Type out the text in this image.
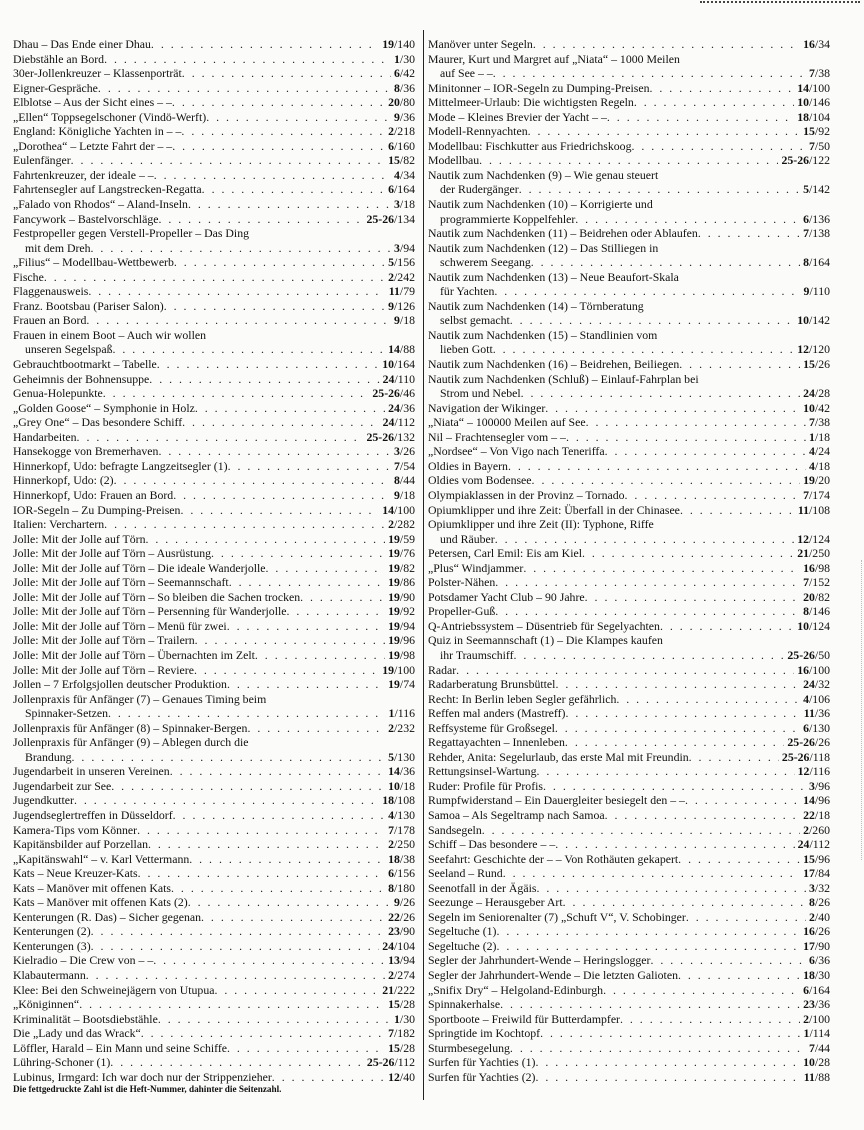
Dhau – Das Ende einer Dhau . . .	19/140
Diebstähle an Bord . . .	1/30
30er-Jollenkreuzer – Klassenporträt . . .	6/42
Eigner-Gespräche . . .	8/36
Elblotse – Aus der Sicht eines – – . . .	20/80
„Ellen“ Toppsegelschoner (Vindö-Werft) . . .	9/36
England: Königliche Yachten in – – . . .	2/218
„Dorothea“ – Letzte Fahrt der – – . . .	6/160
Eulenfänger . . .	15/82
Fahrtenkreuzer, der ideale – – . . .	4/34
Fahrtensegler auf Langstrecken-Regatta . . .	6/164
„Falado von Rhodos“ – Aland-Inseln . . .	3/18
Fancywork – Bastelvorschläge . . .	25-26/134
Festpropeller gegen Verstell-Propeller – Das Ding
mit dem Dreh . . .	3/94
„Filius“ – Modellbau-Wettbewerb . . .	5/156
Fische . . .	2/242
Flaggenausweis . . .	11/79
Franz. Bootsbau (Pariser Salon) . . .	9/126
Frauen an Bord . . .	9/18
Frauen in einem Boot – Auch wir wollen
unseren Segelspaß . . .	14/88
Gebrauchtbootmarkt – Tabelle . . .	10/164
Geheimnis der Bohnensuppe . . .	24/110
Genua-Holepunkte . . .	25-26/46
„Golden Goose“ – Symphonie in Holz . . .	24/36
„Grey One“ – Das besondere Schiff . . .	24/112
Handarbeiten . . .	25-26/132
Hansekogge von Bremerhaven . . .	3/26
Hinnerkopf, Udo: befragte Langzeitsegler (1) . . .	7/54
Hinnerkopf, Udo: (2) . . .	8/44
Hinnerkopf, Udo: Frauen an Bord . . .	9/18
IOR-Segeln – Zu Dumping-Preisen . . .	14/100
Italien: Verchartern . . .	2/282
Jolle: Mit der Jolle auf Törn . . .	19/59
Jolle: Mit der Jolle auf Törn – Ausrüstung . . .	19/76
Jolle: Mit der Jolle auf Törn – Die ideale Wanderjolle . . .	19/82
Jolle: Mit der Jolle auf Törn – Seemannschaft . . .	19/86
Jolle: Mit der Jolle auf Törn – So bleiben die Sachen trocken . . .	19/90
Jolle: Mit der Jolle auf Törn – Persenning für Wanderjolle . . .	19/92
Jolle: Mit der Jolle auf Törn – Menü für zwei . . .	19/94
Jolle: Mit der Jolle auf Törn – Trailern . . .	19/96
Jolle: Mit der Jolle auf Törn – Übernachten im Zelt . . .	19/98
Jolle: Mit der Jolle auf Törn – Reviere . . .	19/100
Jollen – 7 Erfolgsjollen deutscher Produktion . . .	19/74
Jollenpraxis für Anfänger (7) – Genaues Timing beim
Spinnaker-Setzen . . .	1/116
Jollenpraxis für Anfänger (8) – Spinnaker-Bergen . . .	2/232
Jollenpraxis für Anfänger (9) – Ablegen durch die
Brandung . . .	5/130
Jugendarbeit in unseren Vereinen . . .	14/36
Jugendarbeit zur See . . .	10/18
Jugendkutter . . .	18/108
Jugendseglertreffen in Düsseldorf . . .	4/130
Kamera-Tips vom Könner . . .	7/178
Kapitänsbilder auf Porzellan . . .	2/250
„Kapitänswahl“ – v. Karl Vettermann . . .	18/38
Kats – Neue Kreuzer-Kats . . .	6/156
Kats – Manöver mit offenen Kats . . .	8/180
Kats – Manöver mit offenen Kats (2) . . .	9/26
Kenterungen (R. Das) – Sicher gegenan . . .	22/26
Kenterungen (2) . . .	23/90
Kenterungen (3) . . .	24/104
Kielradio – Die Crew von – – . . .	13/94
Klabautermann . . .	2/274
Klee: Bei den Schweinejägern von Utupua . . .	21/222
„Königinnen“ . . .	15/28
Kriminalität – Bootsdiebstähle . . .	1/30
Die „Lady und das Wrack“ . . .	7/182
Löffler, Harald – Ein Mann und seine Schiffe . . .	15/28
Lühring-Schoner (1) . . .	25-26/112
Lubinus, Irmgard: Ich war doch nur der Strippenzieher . . .	12/40
Manöver unter Segeln . . .	16/34
Maurer, Kurt und Margret auf „Niata“ – 1000 Meilen
auf See – – . . .	7/38
Minitonner – IOR-Segeln zu Dumping-Preisen . . .	14/100
Mittelmeer-Urlaub: Die wichtigsten Regeln . . .	10/146
Mode – Kleines Brevier der Yacht – – . . .	18/104
Modell-Rennyachten . . .	15/92
Modellbau: Fischkutter aus Friedrichskoog . . .	7/50
Modellbau . . .	25-26/122
Nautik zum Nachdenken (9) – Wie genau steuert
der Rudergänger . . .	5/142
Nautik zum Nachdenken (10) – Korrigierte und
programmierte Koppelfehler . . .	6/136
Nautik zum Nachdenken (11) – Beidrehen oder Ablaufen . . .	7/138
Nautik zum Nachdenken (12) – Das Stilliegen in
schwerem Seegang . . .	8/164
Nautik zum Nachdenken (13) – Neue Beaufort-Skala
für Yachten . . .	9/110
Nautik zum Nachdenken (14) – Törnberatung
selbst gemacht . . .	10/142
Nautik zum Nachdenken (15) – Standlinien vom
lieben Gott . . .	12/120
Nautik zum Nachdenken (16) – Beidrehen, Beiliegen . . .	15/26
Nautik zum Nachdenken (Schluß) – Einlauf-Fahrplan bei
Strom und Nebel . . .	24/28
Navigation der Wikinger . . .	10/42
„Niata“ – 100000 Meilen auf See . . .	7/38
Nil – Frachtensegler vom – – . . .	1/18
„Nordsee“ – Von Vigo nach Teneriffa . . .	4/24
Oldies in Bayern . . .	4/18
Oldies vom Bodensee . . .	19/20
Olympiaklassen in der Provinz – Tornado . . .	7/174
Opiumklipper und ihre Zeit: Überfall in der Chinasee . . .	11/108
Opiumklipper und ihre Zeit (II): Typhone, Riffe
und Räuber . . .	12/124
Petersen, Carl Emil: Eis am Kiel . . .	21/250
„Plus“ Windjammer . . .	16/98
Polster-Nähen . . .	7/152
Potsdamer Yacht Club – 90 Jahre . . .	20/82
Propeller-Guß . . .	8/146
Q-Antriebssystem – Düsentrieb für Segelyachten . . .	10/124
Quiz in Seemannschaft (1) – Die Klampes kaufen
ihr Traumschiff . . .	25-26/50
Radar . . .	16/100
Radarberatung Brunsbüttel . . .	24/32
Recht: In Berlin leben Segler gefährlich . . .	4/106
Reffen mal anders (Mastreff) . . .	11/36
Reffsysteme für Großsegel . . .	6/130
Regattayachten – Innenleben . . .	25-26/26
Rehder, Anita: Segelurlaub, das erste Mal mit Freundin . . .	25-26/118
Rettungsinsel-Wartung . . .	12/116
Ruder: Profile für Profis . . .	3/96
Rumpfwiderstand – Ein Dauergleiter besiegelt den – – . . .	14/96
Samoa – Als Segeltramp nach Samoa . . .	22/18
Sandsegeln . . .	2/260
Schiff – Das besondere – – . . .	24/112
Seefahrt: Geschichte der – – Von Rothäuten gekapert . . .	15/96
Seeland – Rund . . .	17/84
Seenotfall in der Ägäis . . .	3/32
Seezunge – Herausgeber Art . . .	8/26
Segeln im Seniorenalter (7) „Schuft V“, V. Schobinger . . .	2/40
Segeltuche (1) . . .	16/26
Segeltuche (2) . . .	17/90
Segler der Jahrhundert-Wende – Heringslogger . . .	6/36
Segler der Jahrhundert-Wende – Die letzten Galioten . . .	18/30
„Snifix Dry“ – Helgoland-Edinburgh . . .	6/164
Spinnakerhalse . . .	23/36
Sportboote – Freiwild für Butterdampfer . . .	2/100
Springtide im Kochtopf . . .	1/114
Sturmbesegelung . . .	7/44
Surfen für Yachties (1) . . .	10/28
Surfen für Yachties (2) . . .	11/88
Die fettgedruckte Zahl ist die Heft-Nummer, dahinter die Seitenzahl.
